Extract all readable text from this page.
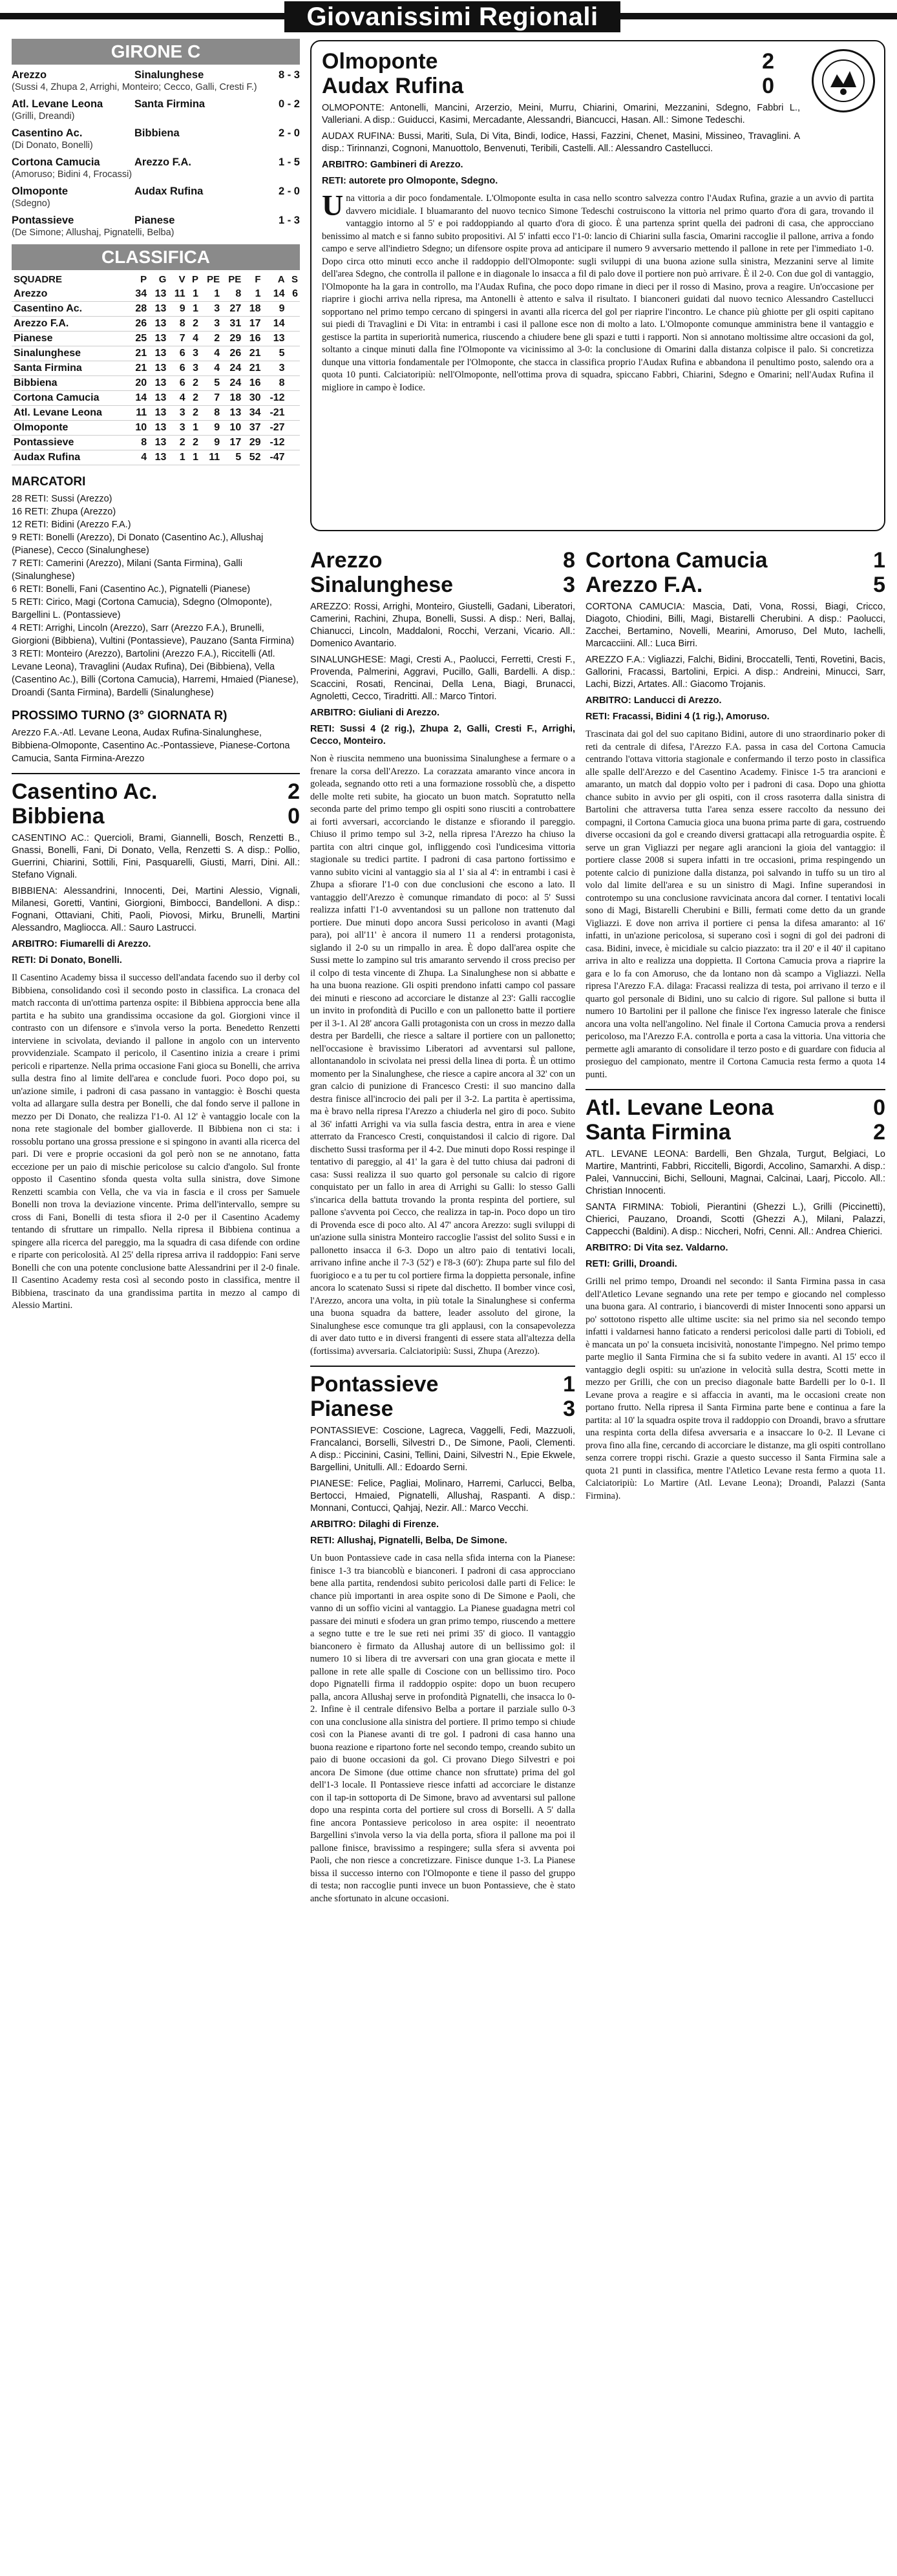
Giovanissimi Regionali
GIRONE C
Arezzo	Sinalunghese	8 - 3
(Sussi 4, Zhupa 2, Arrighi, Monteiro; Cecco, Galli, Cresti F.)
Atl. Levane Leona	Santa Firmina	0 - 2
(Grilli, Dreandi)
Casentino Ac.	Bibbiena	2 - 0
(Di Donato, Bonelli)
Cortona Camucia	Arezzo F.A.	1 - 5
(Amoruso; Bidini 4, Frocassi)
Olmoponte	Audax Rufina	2 - 0
(Sdegno)
Pontassieve	Pianese	1 - 3
(De Simone; Allushaj, Pignatelli, Belba)
CLASSIFICA
SQUADRE	P	G	V	P	PE	PE	F	A	S
Arezzo	34	13	11	1	1	8	1	14	6
Casentino Ac.	28	13	9	1	3	27	18	9	
Arezzo F.A.	26	13	8	2	3	31	17	14	
Pianese	25	13	7	4	2	29	16	13	
Sinalunghese	21	13	6	3	4	26	21	5	
Santa Firmina	21	13	6	3	4	24	21	3	
Bibbiena	20	13	6	2	5	24	16	8	
Cortona Camucia	14	13	4	2	7	18	30	-12	
Atl. Levane Leona	11	13	3	2	8	13	34	-21	
Olmoponte	10	13	3	1	9	10	37	-27	
Pontassieve	8	13	2	2	9	17	29	-12	
Audax Rufina	4	13	1	1	11	5	52	-47	
MARCATORI
28 RETI: Sussi (Arezzo)
16 RETI: Zhupa (Arezzo)
12 RETI: Bidini (Arezzo F.A.)
9 RETI: Bonelli (Arezzo), Di Donato (Casentino Ac.), Allushaj (Pianese), Cecco (Sinalunghese)
7 RETI: Camerini (Arezzo), Milani (Santa Firmina), Galli (Sinalunghese)
6 RETI: Bonelli, Fani (Casentino Ac.), Pignatelli (Pianese)
5 RETI: Cirico, Magi (Cortona Camucia), Sdegno (Olmoponte), Bargellini L. (Pontassieve)
4 RETI: Arrighi, Lincoln (Arezzo), Sarr (Arezzo F.A.), Brunelli, Giorgioni (Bibbiena), Vultini (Pontassieve), Pauzano (Santa Firmina)
3 RETI: Monteiro (Arezzo), Bartolini (Arezzo F.A.), Riccitelli (Atl. Levane Leona), Travaglini (Audax Rufina), Dei (Bibbiena), Vella (Casentino Ac.), Billi (Cortona Camucia), Harremi, Hmaied (Pianese), Droandi (Santa Firmina), Bardelli (Sinalunghese)
PROSSIMO TURNO (3° GIORNATA R)
Arezzo F.A.-Atl. Levane Leona, Audax Rufina-Sinalunghese, Bibbiena-Olmoponte, Casentino Ac.-Pontassieve, Pianese-Cortona Camucia, Santa Firmina-Arezzo
Casentino Ac.	2
Bibbiena	0
CASENTINO AC.: Quercioli, Brami, Giannelli, Bosch, Renzetti B., Gnassi, Bonelli, Fani, Di Donato, Vella, Renzetti S. A disp.: Pollio, Guerrini, Chiarini, Sottili, Fini, Pasquarelli, Giusti, Marri, Dini. All.: Stefano Vignali.
BIBBIENA: Alessandrini, Innocenti, Dei, Martini Alessio, Vignali, Milanesi, Goretti, Vantini, Giorgioni, Bimbocci, Bandelloni. A disp.: Fognani, Ottaviani, Chiti, Paoli, Piovosi, Mirku, Brunelli, Martini Alessandro, Magliocca. All.: Sauro Lastrucci.
ARBITRO: Fiumarelli di Arezzo.
RETI: Di Donato, Bonelli.
Il Casentino Academy bissa il successo dell'andata facendo suo il derby col Bibbiena, consolidando così il secondo posto in classifica. La cronaca del match racconta di un'ottima partenza ospite: il Bibbiena approccia bene alla partita e ha subito una grandissima occasione da gol. Giorgioni vince il contrasto con un difensore e s'invola verso la porta. Benedetto Renzetti interviene in scivolata, deviando il pallone in angolo con un intervento provvidenziale. Scampato il pericolo, il Casentino inizia a creare i primi pericoli e ripartenze. Nella prima occasione Fani gioca su Bonelli, che arriva sulla destra fino al limite dell'area e conclude fuori. Poco dopo poi, su un'azione simile, i padroni di casa passano in vantaggio: è Boschi questa volta ad allargare sulla destra per Bonelli, che dal fondo serve il pallone in mezzo per Di Donato, che realizza l'1-0. Al 12' è vantaggio locale con la nona rete stagionale del bomber gialloverde. Il Bibbiena non ci sta: i rossoblu portano una grossa pressione e si spingono in avanti alla ricerca del pari. Di vere e proprie occasioni da gol però non se ne annotano, fatta eccezione per un paio di mischie pericolose su calcio d'angolo. Sul fronte opposto il Casentino sfonda questa volta sulla sinistra, dove Simone Renzetti scambia con Vella, che va via in fascia e il cross per Samuele Bonelli non trova la deviazione vincente. Prima dell'intervallo, sempre su cross di Fani, Bonelli di testa sfiora il 2-0 per il Casentino Academy tentando di sfruttare un rimpallo. Nella ripresa il Bibbiena continua a spingere alla ricerca del pareggio, ma la squadra di casa difende con ordine e riparte con pericolosità. Al 25' della ripresa arriva il raddoppio: Fani serve Bonelli che con una potente conclusione batte Alessandrini per il 2-0 finale. Il Casentino Academy resta così al secondo posto in classifica, mentre il Bibbiena, trascinato da una grandissima partita in mezzo al campo di Alessio Martini.
Olmoponte	2
Audax Rufina	0
OLMOPONTE: Antonelli, Mancini, Arzerzio, Meini, Murru, Chiarini, Omarini, Mezzanini, Sdegno, Fabbri L., Valleriani. A disp.: Guiducci, Kasimi, Mercadante, Alessandri, Biancucci, Hasan. All.: Simone Tedeschi.
AUDAX RUFINA: Bussi, Mariti, Sula, Di Vita, Bindi, Iodice, Hassi, Fazzini, Chenet, Masini, Missineo, Travaglini. A disp.: Tirinnanzi, Cognoni, Manuottolo, Benvenuti, Teribili, Castelli. All.: Alessandro Castellucci.
ARBITRO: Gambineri di Arezzo.
RETI: autorete pro Olmoponte, Sdegno.
Una vittoria a dir poco fondamentale. L'Olmoponte esulta in casa nello scontro salvezza contro l'Audax Rufina, grazie a un avvio di partita davvero micidiale. I bluamaranto del nuovo tecnico Simone Tedeschi costruiscono la vittoria nel primo quarto d'ora di gara, trovando il vantaggio intorno al 5' e poi raddoppiando al quarto d'ora di gioco. È una partenza sprint quella dei padroni di casa, che approcciano benissimo al match e si fanno subito propositivi. Al 5' infatti ecco l'1-0: lancio di Chiarini sulla fascia, Omarini raccoglie il pallone, arriva a fondo campo e serve all'indietro Sdegno; un difensore ospite prova ad anticipare il numero 9 avversario mettendo il pallone in rete per l'immediato 1-0. Dopo circa otto minuti ecco anche il raddoppio dell'Olmoponte: sugli sviluppi di una buona azione sulla sinistra, Mezzanini serve al limite dell'area Sdegno, che controlla il pallone e in diagonale lo insacca a fil di palo dove il portiere non può arrivare. È il 2-0. Con due gol di vantaggio, l'Olmoponte ha la gara in controllo, ma l'Audax Rufina, che poco dopo rimane in dieci per il rosso di Masino, prova a reagire. Un'occasione per riaprire i giochi arriva nella ripresa, ma Antonelli è attento e salva il risultato. I bianconeri guidati dal nuovo tecnico Alessandro Castellucci sopportano nel primo tempo cercano di spingersi in avanti alla ricerca del gol per riaprire l'incontro. Le chance più ghiotte per gli ospiti capitano sui piedi di Travaglini e Di Vita: in entrambi i casi il pallone esce non di molto a lato. L'Olmoponte comunque amministra bene il vantaggio e gestisce la partita in superiorità numerica, riuscendo a chiudere bene gli spazi e tutti i rapporti. Non si annotano moltissime altre occasioni da gol, soltanto a cinque minuti dalla fine l'Olmoponte va vicinissimo al 3-0: la conclusione di Omarini dalla distanza colpisce il palo. Si concretizza dunque una vittoria fondamentale per l'Olmoponte, che stacca in classifica proprio l'Audax Rufina e abbandona il penultimo posto, salendo ora a quota 10 punti. Calciatoripiù: nell'Olmoponte, nell'ottima prova di squadra, spiccano Fabbri, Chiarini, Sdegno e Omarini; nell'Audax Rufina il migliore in campo è Iodice.
Arezzo	8
Sinalunghese	3
AREZZO: Rossi, Arrighi, Monteiro, Giustelli, Gadani, Liberatori, Camerini, Rachini, Zhupa, Bonelli, Sussi. A disp.: Neri, Ballaj, Chianucci, Lincoln, Maddaloni, Rocchi, Verzani, Vicario. All.: Domenico Avantario.
SINALUNGHESE: Magi, Cresti A., Paolucci, Ferretti, Cresti F., Provenda, Palmerini, Aggravi, Pucillo, Galli, Bardelli. A disp.: Scaccini, Rosati, Rencinai, Della Lena, Biagi, Brunacci, Agnoletti, Cecco, Tiradritti. All.: Marco Tintori.
ARBITRO: Giuliani di Arezzo.
RETI: Sussi 4 (2 rig.), Zhupa 2, Galli, Cresti F., Arrighi, Cecco, Monteiro.
Non è riuscita nemmeno una buonissima Sinalunghese a fermare o a frenare la corsa dell'Arezzo. La corazzata amaranto vince ancora in goleada, segnando otto reti a una formazione rossoblù che, a dispetto delle molte reti subite, ha giocato un buon match. Sopratutto nella seconda parte del primo tempo gli ospiti sono riusciti a controbattere ai forti avversari, accorciando le distanze e sfiorando il pareggio. Chiuso il primo tempo sul 3-2, nella ripresa l'Arezzo ha chiuso la partita con altri cinque gol, infliggendo così l'undicesima vittoria stagionale su tredici partite. I padroni di casa partono fortissimo e vanno subito vicini al vantaggio sia al 1' sia al 4': in entrambi i casi è Zhupa a sfiorare l'1-0 con due conclusioni che escono a lato. Il vantaggio dell'Arezzo è comunque rimandato di poco: al 5' Sussi realizza infatti l'1-0 avventandosi su un pallone non trattenuto dal portiere. Due minuti dopo ancora Sussi pericoloso in avanti (Magi para), poi all'11' è ancora il numero 11 a rendersi protagonista, siglando il 2-0 su un rimpallo in area. È dopo dall'area ospite che Sussi mette lo zampino sul tris amaranto servendo il cross preciso per il colpo di testa vincente di Zhupa. La Sinalunghese non si abbatte e ha una buona reazione. Gli ospiti prendono infatti campo col passare dei minuti e riescono ad accorciare le distanze al 23': Galli raccoglie un invito in profondità di Pucillo e con un pallonetto batte il portiere per il 3-1. Al 28' ancora Galli protagonista con un cross in mezzo dalla destra per Bardelli, che riesce a saltare il portiere con un pallonetto; nell'occasione è bravissimo Liberatori ad avventarsi sul pallone, allontanandolo in scivolata nei pressi della linea di porta. È un ottimo momento per la Sinalunghese, che riesce a capire ancora al 32' con un gran calcio di punizione di Francesco Cresti: il suo mancino dalla destra finisce all'incrocio dei pali per il 3-2. La partita è apertissima, ma è bravo nella ripresa l'Arezzo a chiuderla nel giro di poco. Subito al 36' infatti Arrighi va via sulla fascia destra, entra in area e viene atterrato da Francesco Cresti, conquistandosi il calcio di rigore. Dal dischetto Sussi trasforma per il 4-2. Due minuti dopo Rossi respinge il tentativo di pareggio, al 41' la gara è del tutto chiusa dai padroni di casa: Sussi realizza il suo quarto gol personale su calcio di rigore conquistato per un fallo in area di Arrighi su Galli: lo stesso Galli s'incarica della battuta trovando la pronta respinta del portiere, sul pallone s'avventa poi Cecco, che realizza in tap-in. Poco dopo un tiro di Provenda esce di poco alto. Al 47' ancora Arezzo: sugli sviluppi di un'azione sulla sinistra Monteiro raccoglie l'assist del solito Sussi e in pallonetto insacca il 6-3. Dopo un altro paio di tentativi locali, arrivano infine anche il 7-3 (52') e l'8-3 (60'): Zhupa parte sul filo del fuorigioco e a tu per tu col portiere firma la doppietta personale, infine ancora lo scatenato Sussi si ripete dal dischetto. Il bomber vince così, l'Arezzo, ancora una volta, in più totale la Sinalunghese si conferma una buona squadra da battere, leader assoluto del girone, la Sinalunghese esce comunque tra gli applausi, con la consapevolezza di aver dato tutto e in diversi frangenti di essere stata all'altezza della (fortissima) avversaria. Calciatoripiù: Sussi, Zhupa (Arezzo).
Pontassieve	1
Pianese	3
PONTASSIEVE: Coscione, Lagreca, Vaggelli, Fedi, Mazzuoli, Francalanci, Borselli, Silvestri D., De Simone, Paoli, Clementi. A disp.: Piccinini, Casini, Tellini, Daini, Silvestri N., Epie Ekwele, Bargellini, Unitulli. All.: Edoardo Serni.
PIANESE: Felice, Pagliai, Molinaro, Harremi, Carlucci, Belba, Bertocci, Hmaied, Pignatelli, Allushaj, Raspanti. A disp.: Monnani, Contucci, Qahjaj, Nezir. All.: Marco Vecchi.
ARBITRO: Dilaghi di Firenze.
RETI: Allushaj, Pignatelli, Belba, De Simone.
Un buon Pontassieve cade in casa nella sfida interna con la Pianese: finisce 1-3 tra biancoblù e bianconeri. I padroni di casa approcciano bene alla partita, rendendosi subito pericolosi dalle parti di Felice: le chance più importanti in area ospite sono di De Simone e Paoli, che vanno di un soffio vicini al vantaggio. La Pianese guadagna metri col passare dei minuti e sfodera un gran primo tempo, riuscendo a mettere a segno tutte e tre le sue reti nei primi 35' di gioco. Il vantaggio bianconero è firmato da Allushaj autore di un bellissimo gol: il numero 10 si libera di tre avversari con una gran giocata e mette il pallone in rete alle spalle di Coscione con un bellissimo tiro. Poco dopo Pignatelli firma il raddoppio ospite: dopo un buon recupero palla, ancora Allushaj serve in profondità Pignatelli, che insacca lo 0-2. Infine è il centrale difensivo Belba a portare il parziale sullo 0-3 con una conclusione alla sinistra del portiere. Il primo tempo si chiude così con la Pianese avanti di tre gol. I padroni di casa hanno una buona reazione e ripartono forte nel secondo tempo, creando subito un paio di buone occasioni da gol. Ci provano Diego Silvestri e poi ancora De Simone (due ottime chance non sfruttate) prima del gol dell'1-3 locale. Il Pontassieve riesce infatti ad accorciare le distanze con il tap-in sottoporta di De Simone, bravo ad avventarsi sul pallone dopo una respinta corta del portiere sul cross di Borselli. A 5' dalla fine ancora Pontassieve pericoloso in area ospite: il neoentrato Bargellini s'invola verso la via della porta, sfiora il pallone ma poi il pallone finisce, bravissimo a respingere; sulla sfera si avventa poi Paoli, che non riesce a concretizzare. Finisce dunque 1-3. La Pianese bissa il successo interno con l'Olmoponte e tiene il passo del gruppo di testa; non raccoglie punti invece un buon Pontassieve, che è stato anche sfortunato in alcune occasioni.
Cortona Camucia	1
Arezzo F.A.	5
CORTONA CAMUCIA: Mascia, Dati, Vona, Rossi, Biagi, Cricco, Diagoto, Chiodini, Billi, Magi, Bistarelli Cherubini. A disp.: Paolucci, Zacchei, Bertamino, Novelli, Mearini, Amoruso, Del Muto, Iachelli, Marcacciini. All.: Luca Birri.
AREZZO F.A.: Vigliazzi, Falchi, Bidini, Broccatelli, Tenti, Rovetini, Bacis, Gallorini, Fracassi, Bartolini, Erpici. A disp.: Andreini, Minucci, Sarr, Lachi, Bizzi, Artates. All.: Giacomo Trojanis.
ARBITRO: Landucci di Arezzo.
RETI: Fracassi, Bidini 4 (1 rig.), Amoruso.
Trascinata dai gol del suo capitano Bidini, autore di uno straordinario poker di reti da centrale di difesa, l'Arezzo F.A. passa in casa del Cortona Camucia centrando l'ottava vittoria stagionale e confermando il terzo posto in classifica alle spalle dell'Arezzo e del Casentino Academy. Finisce 1-5 tra arancioni e amaranto, un match dal doppio volto per i padroni di casa. Dopo una ghiotta chance subito in avvio per gli ospiti, con il cross rasoterra dalla sinistra di Bartolini che attraversa tutta l'area senza essere raccolto da nessuno dei compagni, il Cortona Camucia gioca una buona prima parte di gara, costruendo diverse occasioni da gol e creando diversi grattacapi alla retroguardia ospite. È serve un gran Vigliazzi per negare agli arancioni la gioia del vantaggio: il portiere classe 2008 si supera infatti in tre occasioni, prima respingendo un potente calcio di punizione dalla distanza, poi salvando in tuffo su un tiro al volo dal limite dell'area e su un sinistro di Magi. Infine superandosi in controtempo su una conclusione ravvicinata ancora dal corner. I tentativi locali sono di Magi, Bistarelli Cherubini e Billi, fermati come detto da un grande Vigliazzi. E dove non arriva il portiere ci pensa la difesa amaranto: al 16' infatti, in un'azione pericolosa, si superano così i sogni di gol dei padroni di casa. Bidini, invece, è micidiale su calcio piazzato: tra il 20' e il 40' il capitano arriva in alto e realizza una doppietta. Il Cortona Camucia prova a riaprire la gara e lo fa con Amoruso, che da lontano non dà scampo a Vigliazzi. Nella ripresa l'Arezzo F.A. dilaga: Fracassi realizza di testa, poi arrivano il terzo e il quarto gol personale di Bidini, uno su calcio di rigore. Sul pallone si butta il numero 10 Bartolini per il pallone che finisce l'ex ingresso laterale che finisce ancora una volta nell'angolino. Nel finale il Cortona Camucia prova a rendersi pericoloso, ma l'Arezzo F.A. controlla e porta a casa la vittoria. Una vittoria che permette agli amaranto di consolidare il terzo posto e di guardare con fiducia al prosieguo del campionato, mentre il Cortona Camucia resta fermo a quota 14 punti.
Atl. Levane Leona	0
Santa Firmina	2
ATL. LEVANE LEONA: Bardelli, Ben Ghzala, Turgut, Belgiaci, Lo Martire, Mantrinti, Fabbri, Riccitelli, Bigordi, Accolino, Samarxhi. A disp.: Palei, Vannuccini, Bichi, Sellouni, Magnai, Calcinai, Laarj, Piccolo. All.: Christian Innocenti.
SANTA FIRMINA: Tobioli, Pierantini (Ghezzi L.), Grilli (Piccinetti), Chierici, Pauzano, Droandi, Scotti (Ghezzi A.), Milani, Palazzi, Cappecchi (Baldini). A disp.: Niccheri, Nofri, Cenni. All.: Andrea Chierici.
ARBITRO: Di Vita sez. Valdarno.
RETI: Grilli, Droandi.
Grilli nel primo tempo, Droandi nel secondo: il Santa Firmina passa in casa dell'Atletico Levane segnando una rete per tempo e giocando nel complesso una buona gara. Al contrario, i biancoverdi di mister Innocenti sono apparsi un po' sottotono rispetto alle ultime uscite: sia nel primo sia nel secondo tempo infatti i valdarnesi hanno faticato a rendersi pericolosi dalle parti di Tobioli, ed è mancata un po' la consueta incisività, nonostante l'impegno. Nel primo tempo parte meglio il Santa Firmina che si fa subito vedere in avanti. Al 15' ecco il vantaggio degli ospiti: su un'azione in velocità sulla destra, Scotti mette in mezzo per Grilli, che con un preciso diagonale batte Bardelli per lo 0-1. Il Levane prova a reagire e si affaccia in avanti, ma le occasioni create non portano frutto. Nella ripresa il Santa Firmina parte bene e continua a fare la partita: al 10' la squadra ospite trova il raddoppio con Droandi, bravo a sfruttare una respinta corta della difesa avversaria e a insaccare lo 0-2. Il Levane ci prova fino alla fine, cercando di accorciare le distanze, ma gli ospiti controllano senza correre troppi rischi. Grazie a questo successo il Santa Firmina sale a quota 21 punti in classifica, mentre l'Atletico Levane resta fermo a quota 11. Calciatoripiù: Lo Martire (Atl. Levane Leona); Droandi, Palazzi (Santa Firmina).
